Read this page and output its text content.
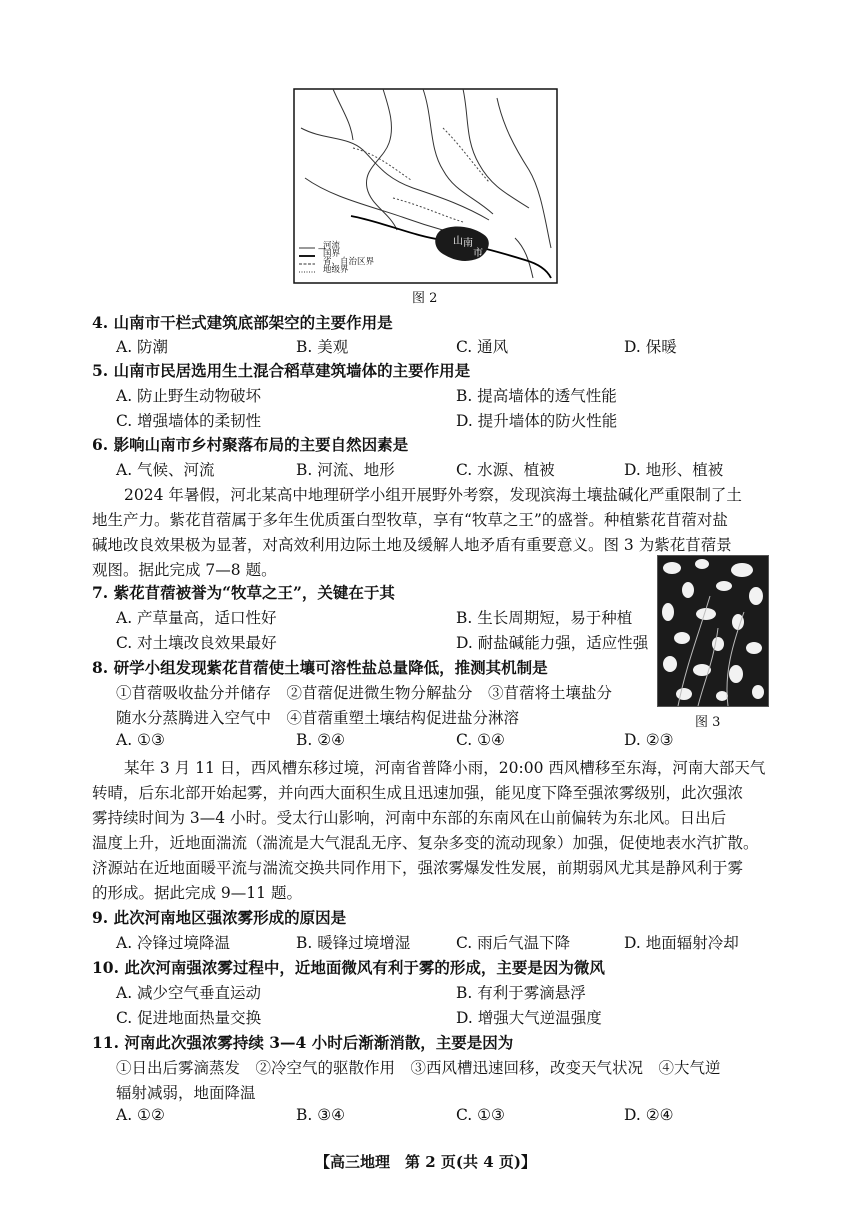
山 南
市
—
河流
国界
省、自治区界
地级界
图 2
4. 山南市干栏式建筑底部架空的主要作用是
A. 防潮	B. 美观	C. 通风	D. 保暖
5. 山南市民居选用生土混合稻草建筑墙体的主要作用是
A. 防止野生动物破坏	B. 提高墙体的透气性能
C. 增强墙体的柔韧性	D. 提升墙体的防火性能
6. 影响山南市乡村聚落布局的主要自然因素是
A. 气候、河流	B. 河流、地形	C. 水源、植被	D. 地形、植被
2024 年暑假，河北某高中地理研学小组开展野外考察，发现滨海土壤盐碱化严重限制了土
地生产力。紫花苜蓿属于多年生优质蛋白型牧草，享有“牧草之王”的盛誉。种植紫花苜蓿对盐
碱地改良效果极为显著，对高效利用边际土地及缓解人地矛盾有重要意义。图 3 为紫花苜蓿景
观图。据此完成 7—8 题。
图 3
7. 紫花苜蓿被誉为“牧草之王”，关键在于其
A. 产草量高，适口性好	B. 生长周期短，易于种植
C. 对土壤改良效果最好	D. 耐盐碱能力强，适应性强
8. 研学小组发现紫花苜蓿使土壤可溶性盐总量降低，推测其机制是
①苜蓿吸收盐分并储存　②苜蓿促进微生物分解盐分　③苜蓿将土壤盐分
随水分蒸腾进入空气中　④苜蓿重塑土壤结构促进盐分淋溶
A. ①③	B. ②④	C. ①④	D. ②③
某年 3 月 11 日，西风槽东移过境，河南省普降小雨，20:00 西风槽移至东海，河南大部天气
转晴，后东北部开始起雾，并向西大面积生成且迅速加强，能见度下降至强浓雾级别，此次强浓
雾持续时间为 3—4 小时。受太行山影响，河南中东部的东南风在山前偏转为东北风。日出后
温度上升，近地面湍流（湍流是大气混乱无序、复杂多变的流动现象）加强，促使地表水汽扩散。
济源站在近地面暖平流与湍流交换共同作用下，强浓雾爆发性发展，前期弱风尤其是静风利于雾
的形成。据此完成 9—11 题。
9. 此次河南地区强浓雾形成的原因是
A. 冷锋过境降温	B. 暖锋过境增湿	C. 雨后气温下降	D. 地面辐射冷却
10. 此次河南强浓雾过程中，近地面微风有利于雾的形成，主要是因为微风
A. 减少空气垂直运动	B. 有利于雾滴悬浮
C. 促进地面热量交换	D. 增强大气逆温强度
11. 河南此次强浓雾持续 3—4 小时后渐渐消散，主要是因为
①日出后雾滴蒸发　②冷空气的驱散作用　③西风槽迅速回移，改变天气状况　④大气逆
辐射减弱，地面降温
A. ①②	B. ③④	C. ①③	D. ②④
【高三地理　第 2 页(共 4 页)】
